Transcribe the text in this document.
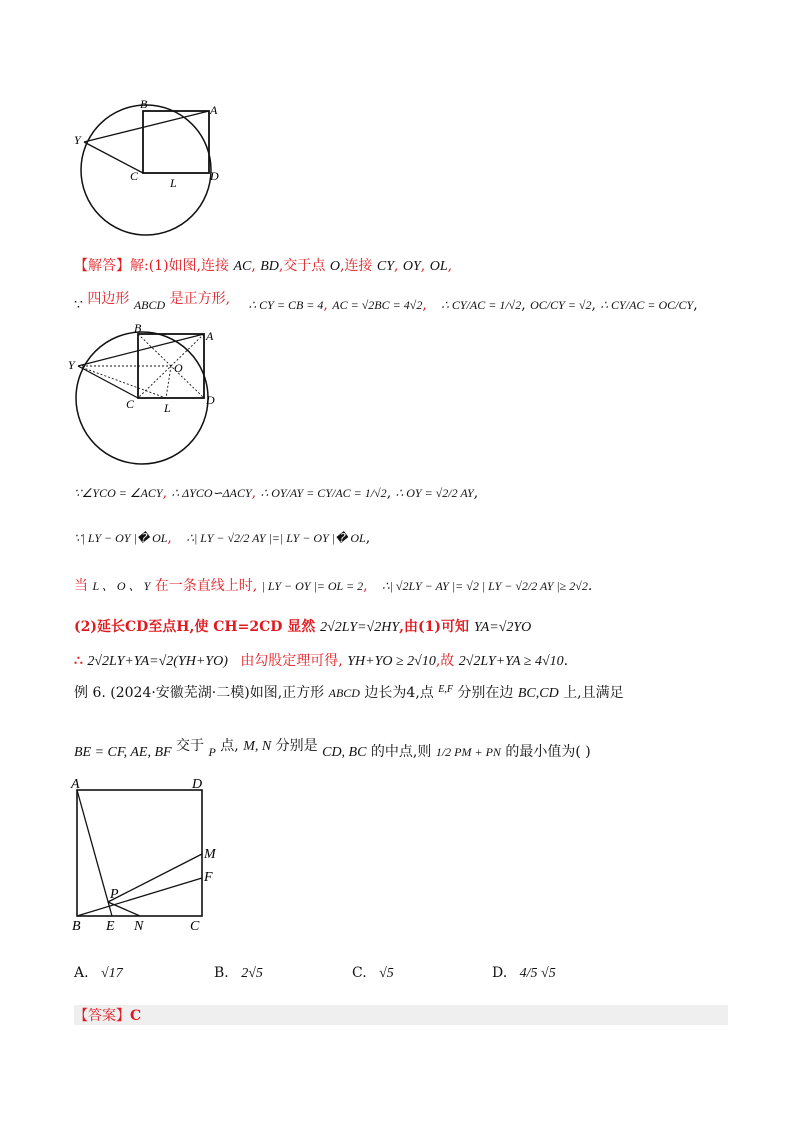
B	A
Y
C	L	D
【解答】解:(1)如图,连接 AC, BD,交于点 O,连接 CY, OY, OL,
∵ 四边形 ABCD 是正方形, ∴ CY = CB = 4, AC = √2BC = 4√2, ∴ CY/AC = 1/√2, OC/CY = √2, ∴ CY/AC = OC/CY,
B
A
Y
C
O
L
D
∵∠YCO = ∠ACY, ∴ ΔYCO∽ΔACY, ∴ OY/AY = CY/AC = 1/√2, ∴ OY = √2/2 AY,
∵| LY − OY |� OL, ∴| LY − √2/2 AY |=| LY − OY |� OL,
当 L 、 O 、 Y 在一条直线上时, | LY − OY |= OL = 2, ∴| √2LY − AY |= √2 | LY − √2/2 AY |≥ 2√2.
(2)延长CD至点H,使 CH=2CD 显然 2√2LY=√2HY,由(1)可知 YA=√2YO
∴ 2√2LY+YA=√2(YH+YO) 由勾股定理可得, YH+YO ≥ 2√10,故 2√2LY+YA ≥ 4√10.
例 6. (2024·安徽芜湖·二模)如图,正方形 ABCD 边长为4,点 $^{E,F}$ 分别在边 BC,CD 上,且满足
BE = CF, AE, BF 交于 P 点, M, N 分别是 CD, BC 的中点,则 1/2 PM + PN 的最小值为( )
A	D
M
F
P
B E N	C
A. √17	B. 2√5	C. √5	D. 4/5 √5
【答案】C
